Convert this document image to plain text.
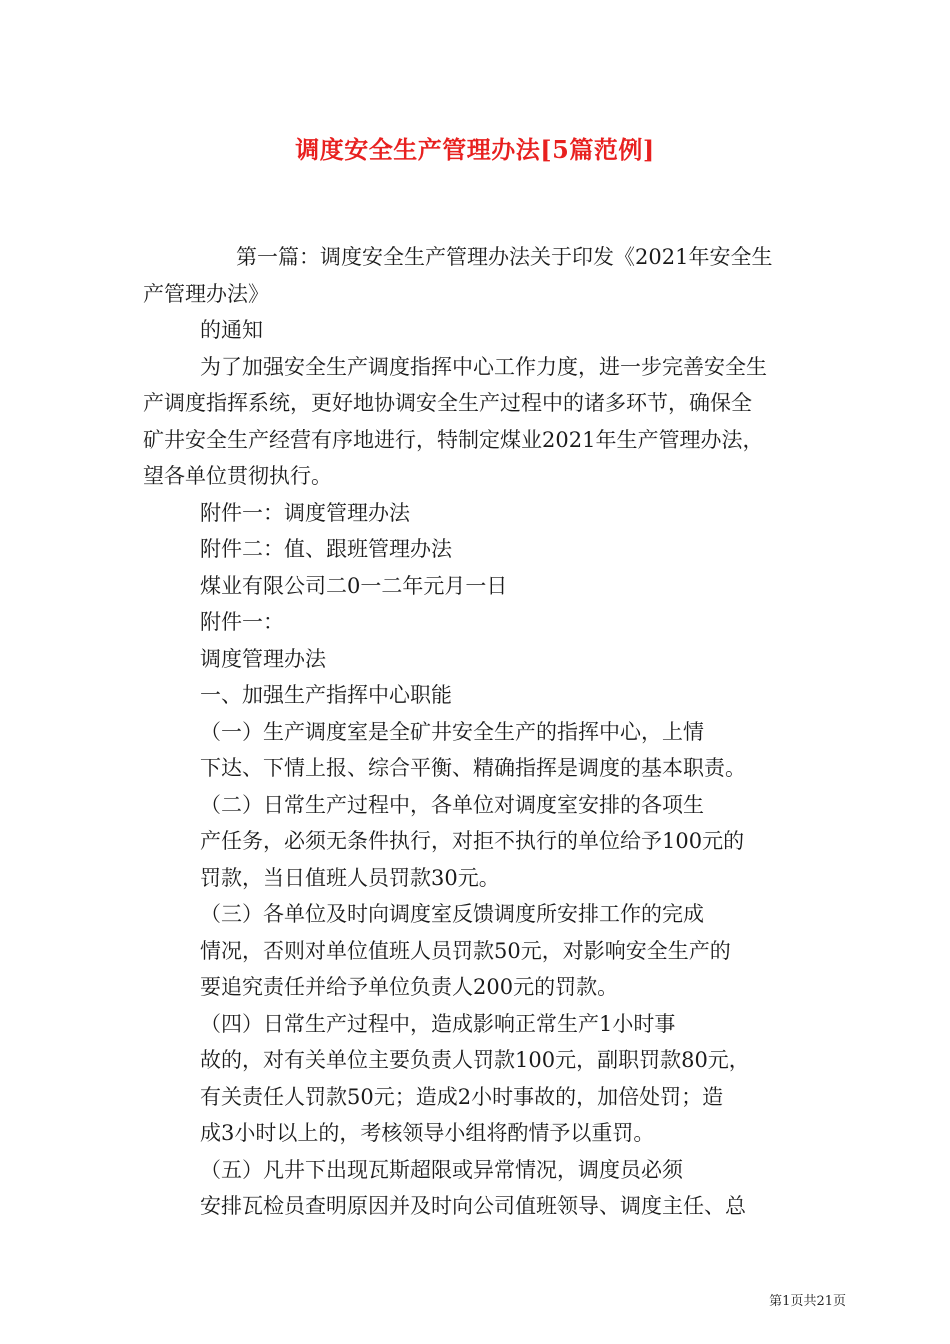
调度安全生产管理办法[5篇范例]
第一篇：调度安全生产管理办法关于印发《2021年安全生
产管理办法》
的通知
为了加强安全生产调度指挥中心工作力度，进一步完善安全生
产调度指挥系统，更好地协调安全生产过程中的诸多环节，确保全
矿井安全生产经营有序地进行，特制定煤业2021年生产管理办法，
望各单位贯彻执行。
附件一：调度管理办法
附件二：值、跟班管理办法
煤业有限公司二0一二年元月一日
附件一：
调度管理办法
一、加强生产指挥中心职能
（一）生产调度室是全矿井安全生产的指挥中心，上情
下达、下情上报、综合平衡、精确指挥是调度的基本职责。
（二）日常生产过程中，各单位对调度室安排的各项生
产任务，必须无条件执行，对拒不执行的单位给予100元的
罚款，当日值班人员罚款30元。
（三）各单位及时向调度室反馈调度所安排工作的完成
情况，否则对单位值班人员罚款50元，对影响安全生产的
要追究责任并给予单位负责人200元的罚款。
（四）日常生产过程中，造成影响正常生产1小时事
故的，对有关单位主要负责人罚款100元，副职罚款80元，
有关责任人罚款50元；造成2小时事故的，加倍处罚；造
成3小时以上的，考核领导小组将酌情予以重罚。
（五）凡井下出现瓦斯超限或异常情况，调度员必须
安排瓦检员查明原因并及时向公司值班领导、调度主任、总
第1页共21页
